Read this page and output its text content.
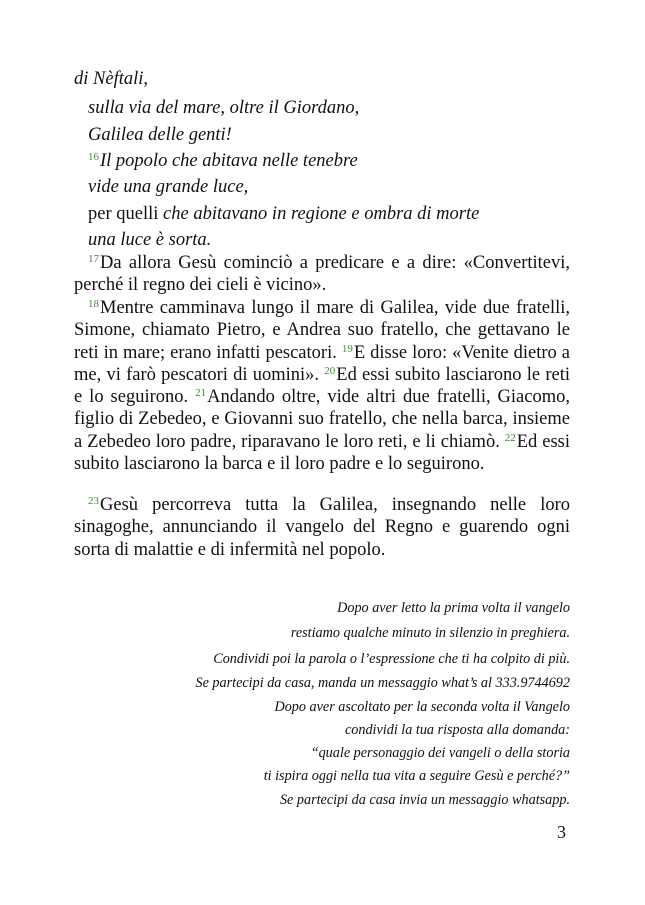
di Nèftali,
sulla via del mare, oltre il Giordano,
Galilea delle genti!
$^{16}$Il popolo che abitava nelle tenebre
vide una grande luce,
per quelli che abitavano in regione e ombra di morte
una luce è sorta.

$^{17}$Da allora Gesù cominciò a predicare e a dire: «Convertitevi, perché il regno dei cieli è vicino».

$^{18}$Mentre camminava lungo il mare di Galilea, vide due fratelli, Simone, chiamato Pietro, e Andrea suo fratello, che gettavano le reti in mare; erano infatti pescatori. $^{19}$E disse loro: «Venite dietro a me, vi farò pescatori di uomini». $^{20}$Ed essi subito lasciarono le reti e lo seguirono. $^{21}$Andando oltre, vide altri due fratelli, Giacomo, figlio di Zebedeo, e Giovanni suo fratello, che nella barca, insieme a Zebedeo loro padre, riparavano le loro reti, e li chiamò. $^{22}$Ed essi subito lasciarono la barca e il loro padre e lo seguirono.

$^{23}$Gesù percorreva tutta la Galilea, insegnando nelle loro sinagoghe, annunciando il vangelo del Regno e guarendo ogni sorta di malattie e di infermità nel popolo.

Dopo aver letto la prima volta il vangelo
restiamo qualche minuto in silenzio in preghiera.
Condividi poi la parola o l’espressione che ti ha colpito di più.
Se partecipi da casa, manda un messaggio what’s al 333.9744692
Dopo aver ascoltato per la seconda volta il Vangelo
condividi la tua risposta alla domanda:
“quale personaggio dei vangeli o della storia
ti ispira oggi nella tua vita a seguire Gesù e perché?”
Se partecipi da casa invia un messaggio whatsapp.
3
